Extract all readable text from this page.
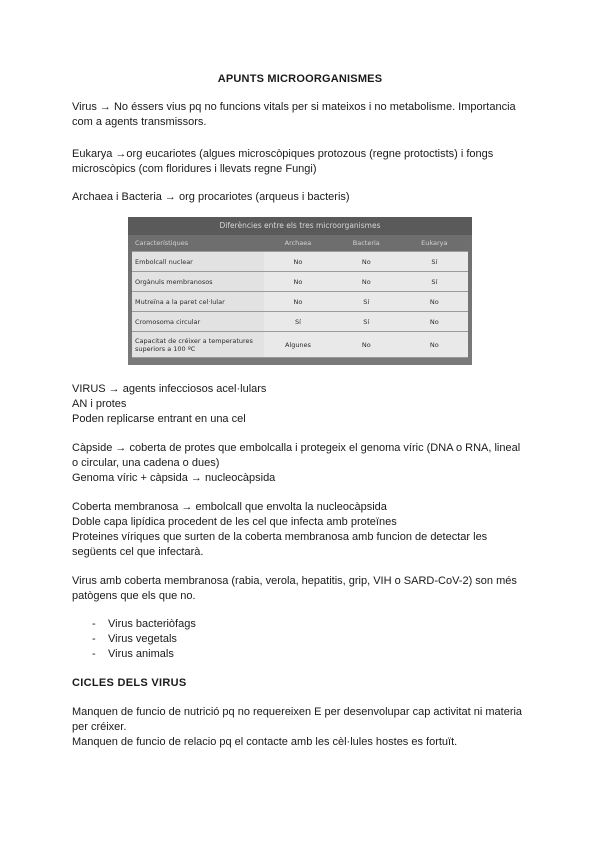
APUNTS MICROORGANISMES

Virus → No éssers vius pq no funcions vitals per si mateixos i no metabolisme. Importancia
com a agents transmissors.

Eukarya →org eucariotes (algues microscòpiques protozous (regne protoctists) i fongs
microscòpics (com floridures i llevats regne Fungi)

Archaea i Bacteria → org procariotes (arqueus i bacteris)

Diferències entre els tres microorganismes
Característiques	Archaea	Bacteria	Eukarya
Embolcall nuclear	No	No	Sí
Orgànuls membranosos	No	No	Sí
Mutreïna a la paret cel·lular	No	Sí	No
Cromosoma circular	Sí	Sí	No
Capacitat de créixer a temperatures superiors a 100 ºC	Algunes	No	No

VIRUS → agents infecciosos acel·lulars
AN i protes
Poden replicarse entrant en una cel

Càpside → coberta de protes que embolcalla i protegeix el genoma víric (DNA o RNA, lineal
o circular, una cadena o dues)
Genoma víric + càpsida → nucleocàpsida

Coberta membranosa → embolcall que envolta la nucleocàpsida
Doble capa lipídica procedent de les cel que infecta amb proteïnes
Proteines víriques que surten de la coberta membranosa amb funcion de detectar les
següents cel que infectarà.

Virus amb coberta membranosa (rabia, verola, hepatitis, grip, VIH o SARD-CoV-2) son més
patògens que els que no.

- Virus bacteriòfags
- Virus vegetals
- Virus animals
CICLES DELS VIRUS

Manquen de funcio de nutrició pq no requereixen E per desenvolupar cap activitat ni materia
per créixer.
Manquen de funcio de relacio pq el contacte amb les cèl·lules hostes es fortuït.
